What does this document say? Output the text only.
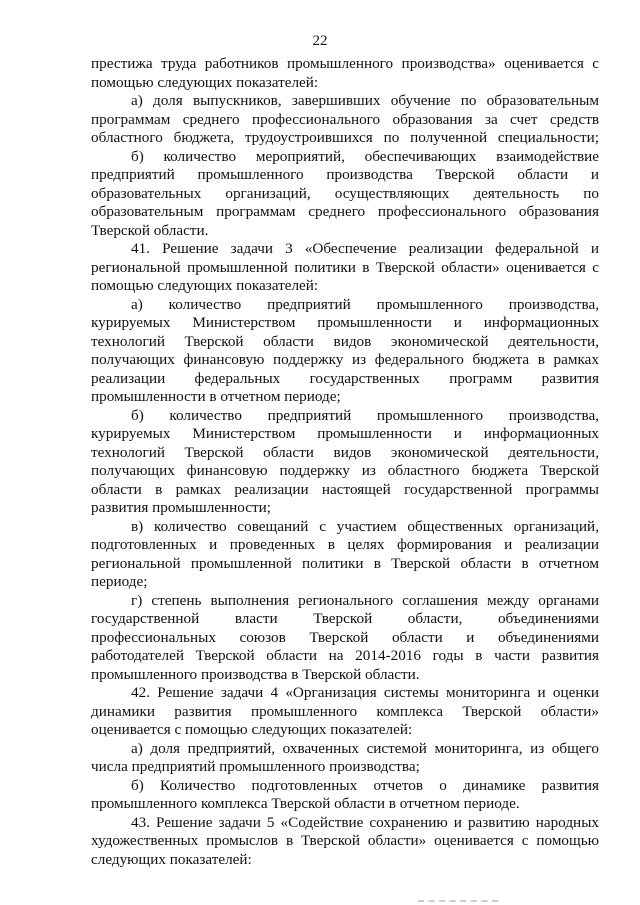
22
престижа труда работников промышленного производства» оценивается с
помощью следующих показателей:
а) доля выпускников, завершивших обучение по образовательным
программам среднего профессионального образования за счет средств
областного бюджета, трудоустроившихся по полученной специальности;
б) количество мероприятий, обеспечивающих взаимодействие
предприятий промышленного производства Тверской области и
образовательных организаций, осуществляющих деятельность по
образовательным программам среднего профессионального образования
Тверской области.
41. Решение задачи 3 «Обеспечение реализации федеральной и
региональной промышленной политики в Тверской области» оценивается с
помощью следующих показателей:
а) количество предприятий промышленного производства,
курируемых Министерством промышленности и информационных
технологий Тверской области видов экономической деятельности,
получающих финансовую поддержку из федерального бюджета в рамках
реализации федеральных государственных программ развития
промышленности в отчетном периоде;
б) количество предприятий промышленного производства,
курируемых Министерством промышленности и информационных
технологий Тверской области видов экономической деятельности,
получающих финансовую поддержку из областного бюджета Тверской
области в рамках реализации настоящей государственной программы
развития промышленности;
в) количество совещаний с участием общественных организаций,
подготовленных и проведенных в целях формирования и реализации
региональной промышленной политики в Тверской области в отчетном
периоде;
г) степень выполнения регионального соглашения между органами
государственной власти Тверской области, объединениями
профессиональных союзов Тверской области и объединениями
работодателей Тверской области на 2014-2016 годы в части развития
промышленного производства в Тверской области.
42. Решение задачи 4 «Организация системы мониторинга и оценки
динамики развития промышленного комплекса Тверской области»
оценивается с помощью следующих показателей:
а) доля предприятий, охваченных системой мониторинга, из общего
числа предприятий промышленного производства;
б) Количество подготовленных отчетов о динамике развития
промышленного комплекса Тверской области в отчетном периоде.
43. Решение задачи 5 «Содействие сохранению и развитию народных
художественных промыслов в Тверской области» оценивается с помощью
следующих показателей:
